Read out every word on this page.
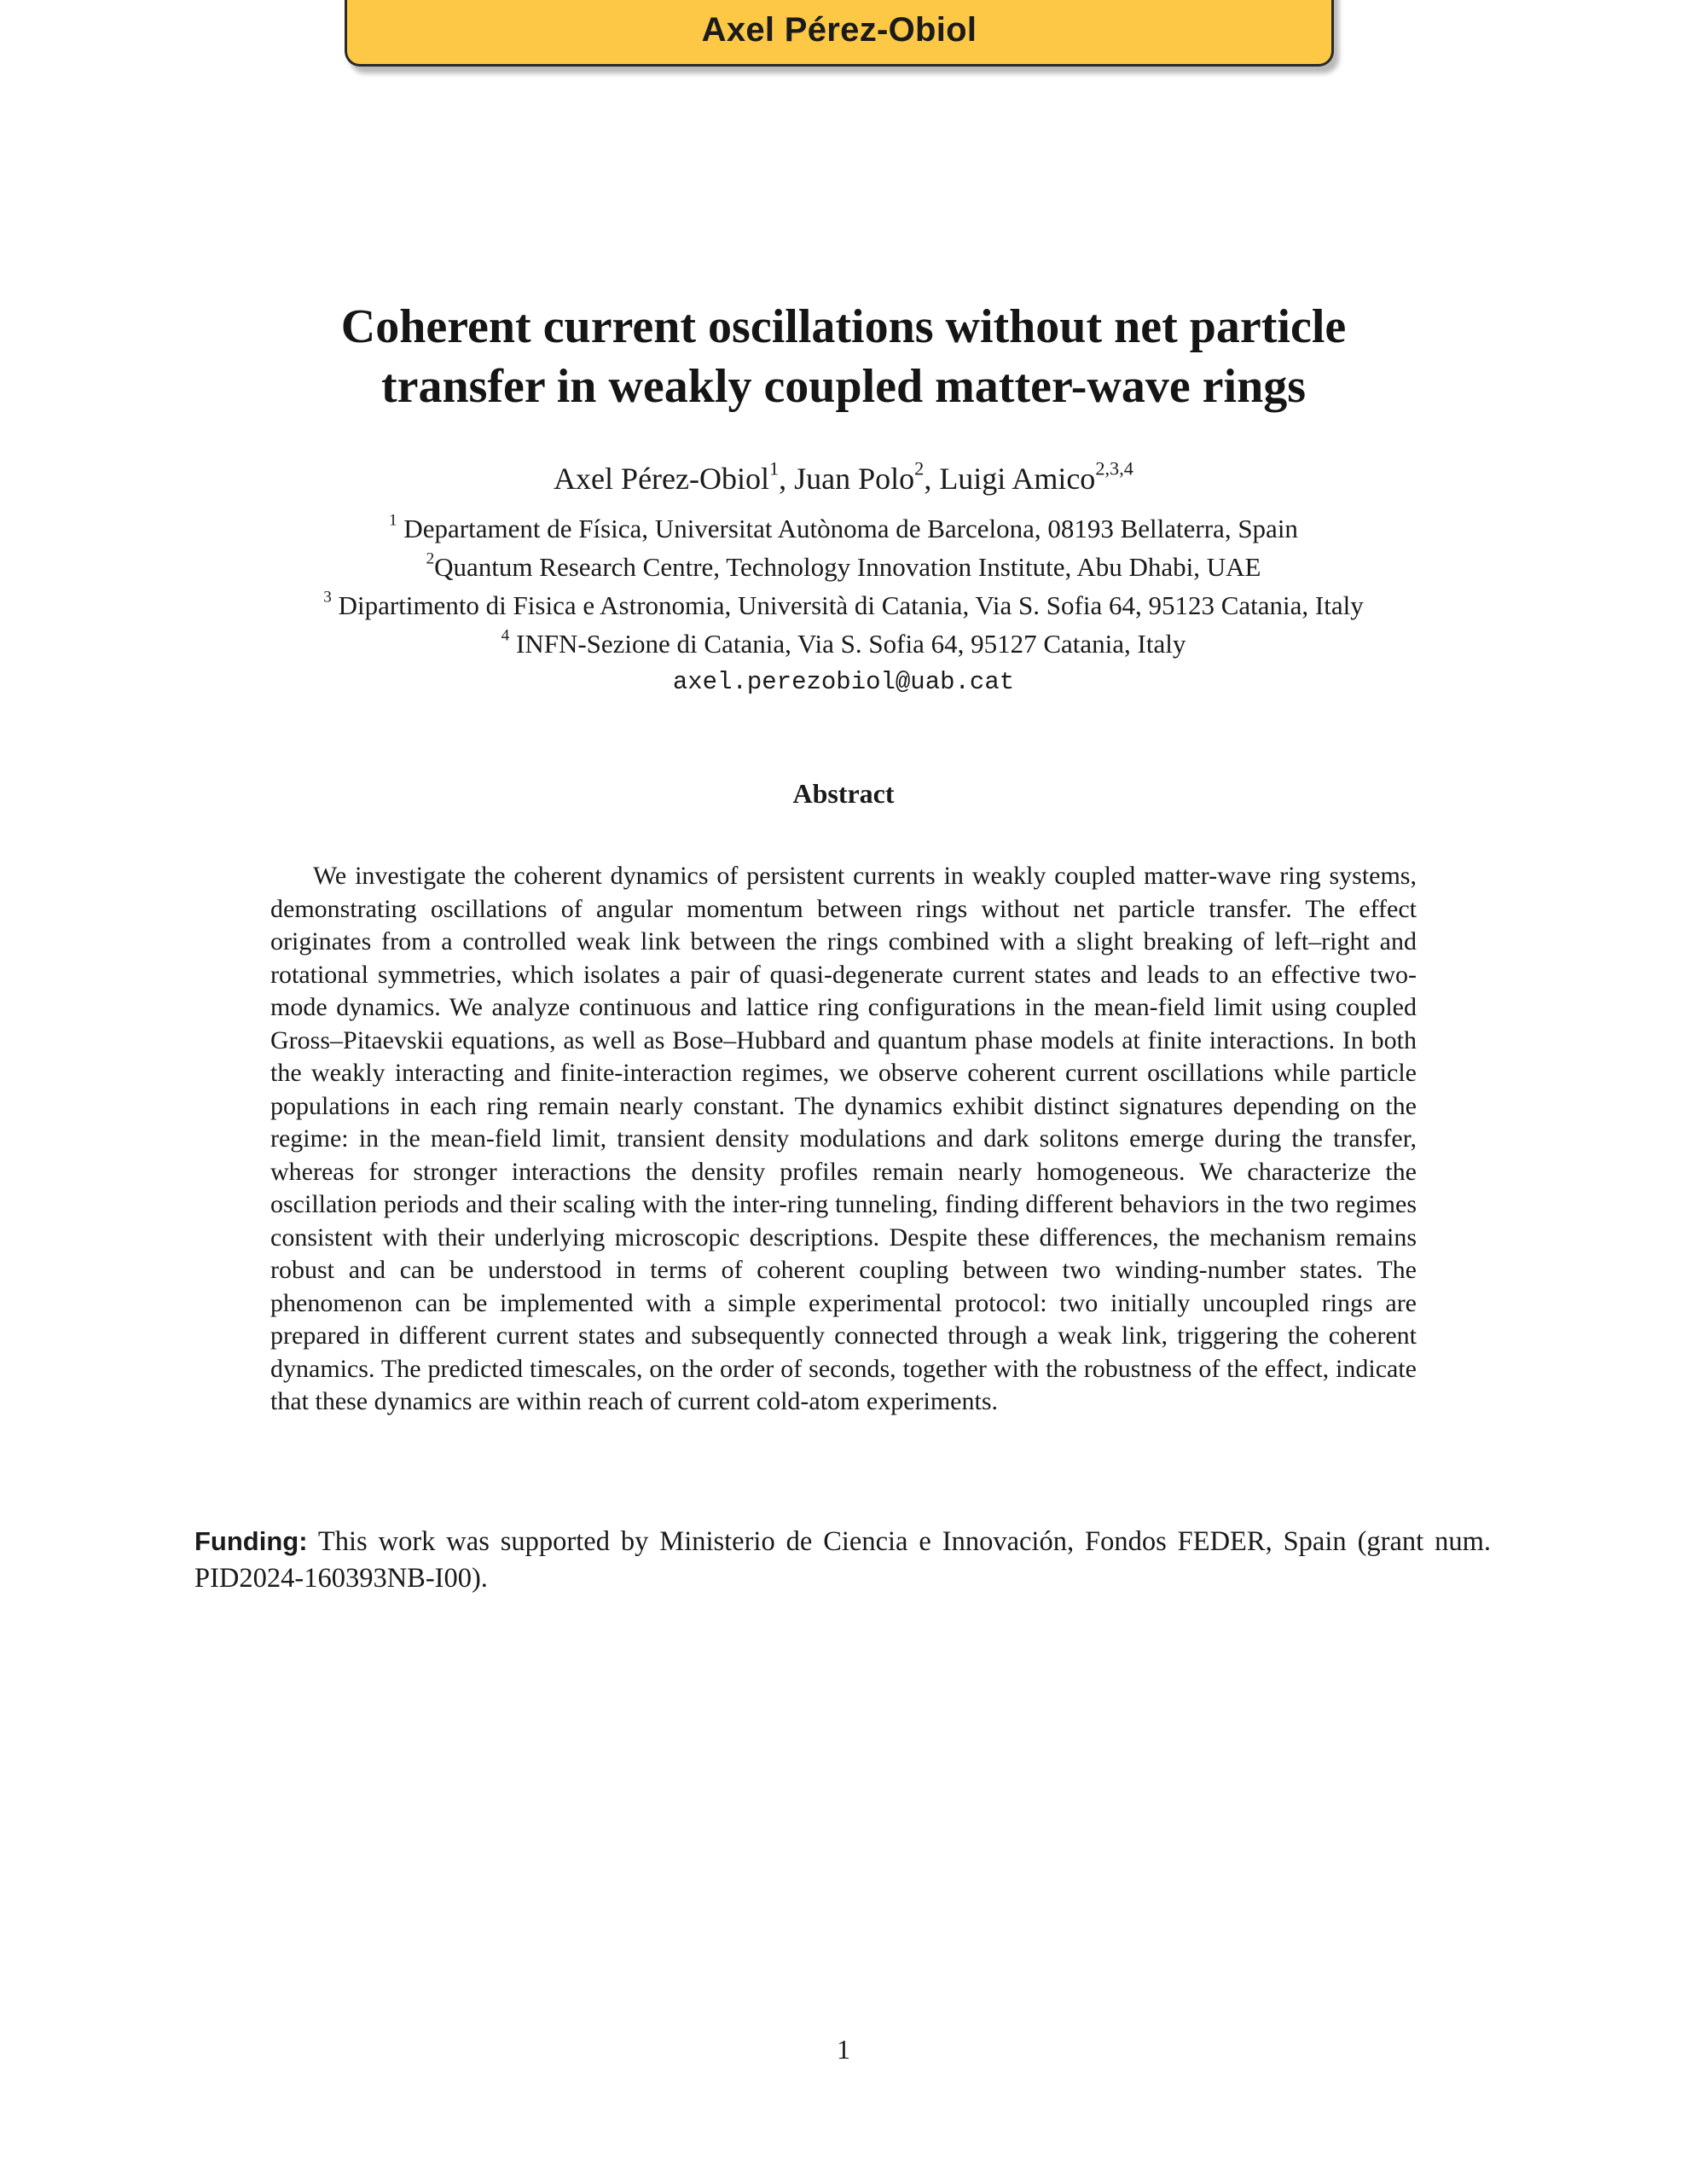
Axel Pérez-Obiol
Coherent current oscillations without net particle
transfer in weakly coupled matter-wave rings
Axel Pérez-Obiol$^1$, Juan Polo$^2$, Luigi Amico$^{2,3,4}$
$^1$ Departament de Física, Universitat Autònoma de Barcelona, 08193 Bellaterra, Spain
$^2$Quantum Research Centre, Technology Innovation Institute, Abu Dhabi, UAE
$^3$ Dipartimento di Fisica e Astronomia, Università di Catania, Via S. Sofia 64, 95123 Catania, Italy
$^4$ INFN-Sezione di Catania, Via S. Sofia 64, 95127 Catania, Italy
axel.perezobiol@uab.cat
Abstract

We investigate the coherent dynamics of persistent currents in weakly coupled matter-wave ring systems, demonstrating oscillations of angular momentum between rings without net particle transfer. The effect originates from a controlled weak link between the rings combined with a slight breaking of left–right and rotational symmetries, which isolates a pair of quasi-degenerate current states and leads to an effective two-mode dynamics. We analyze continuous and lattice ring configurations in the mean-field limit using coupled Gross–Pitaevskii equations, as well as Bose–Hubbard and quantum phase models at finite interactions. In both the weakly interacting and finite-interaction regimes, we observe coherent current oscillations while particle populations in each ring remain nearly constant. The dynamics exhibit distinct signatures depending on the regime: in the mean-field limit, transient density modulations and dark solitons emerge during the transfer, whereas for stronger interactions the density profiles remain nearly homogeneous. We characterize the oscillation periods and their scaling with the inter-ring tunneling, finding different behaviors in the two regimes consistent with their underlying microscopic descriptions. Despite these differences, the mechanism remains robust and can be understood in terms of coherent coupling between two winding-number states. The phenomenon can be implemented with a simple experimental protocol: two initially uncoupled rings are prepared in different current states and subsequently connected through a weak link, triggering the coherent dynamics. The predicted timescales, on the order of seconds, together with the robustness of the effect, indicate that these dynamics are within reach of current cold-atom experiments.

Funding: This work was supported by Ministerio de Ciencia e Innovación, Fondos FEDER, Spain (grant num. PID2024-160393NB-I00).

1
